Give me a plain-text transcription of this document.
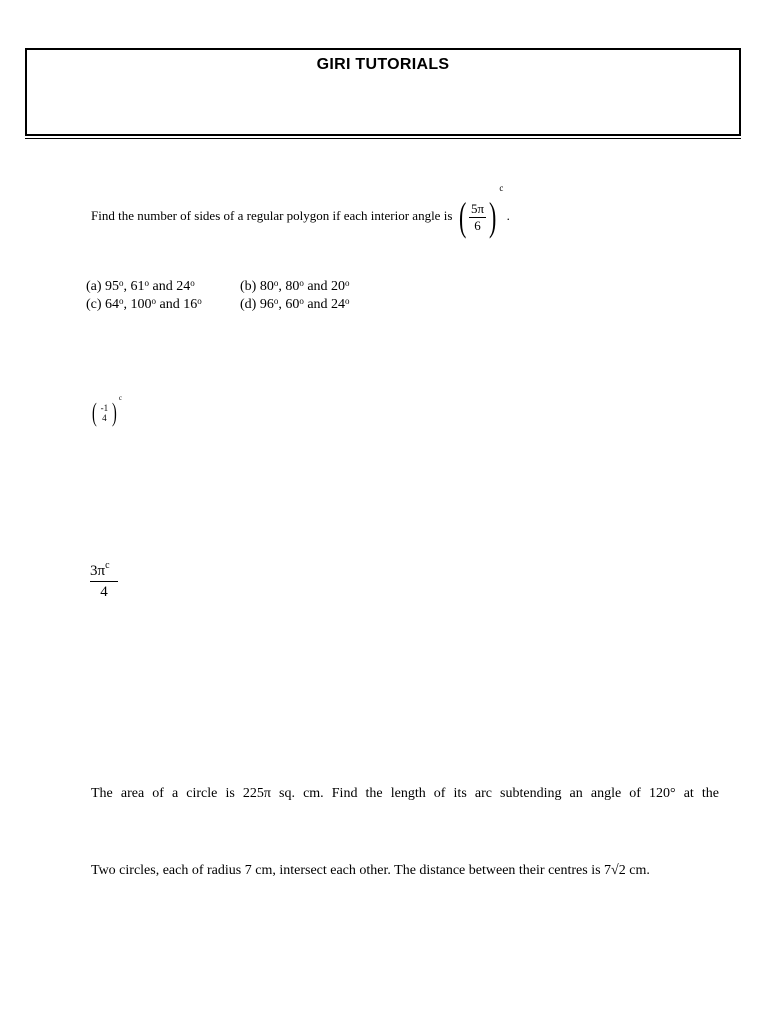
GIRI TUTORIALS
Find the number of sides of a regular polygon if each interior angle is ( $\frac{5\pi}{6} )^c$ .
(a) 95$^o$, 61$^o$ and 24$^o$	(b) 80$^o$, 80$^o$ and 20$^o$
(c) 64$^o$, 100$^o$ and 16$^o$	(d) 96$^o$, 60$^o$ and 24$^o$
( -1
4 ) $^c$
$\frac{3\pi^c}{4}$
The area of a circle is 225π sq. cm. Find the length of its arc subtending an angle of 120° at the
Two circles, each of radius 7 cm, intersect each other. The distance between their centres is 7√2 cm.
